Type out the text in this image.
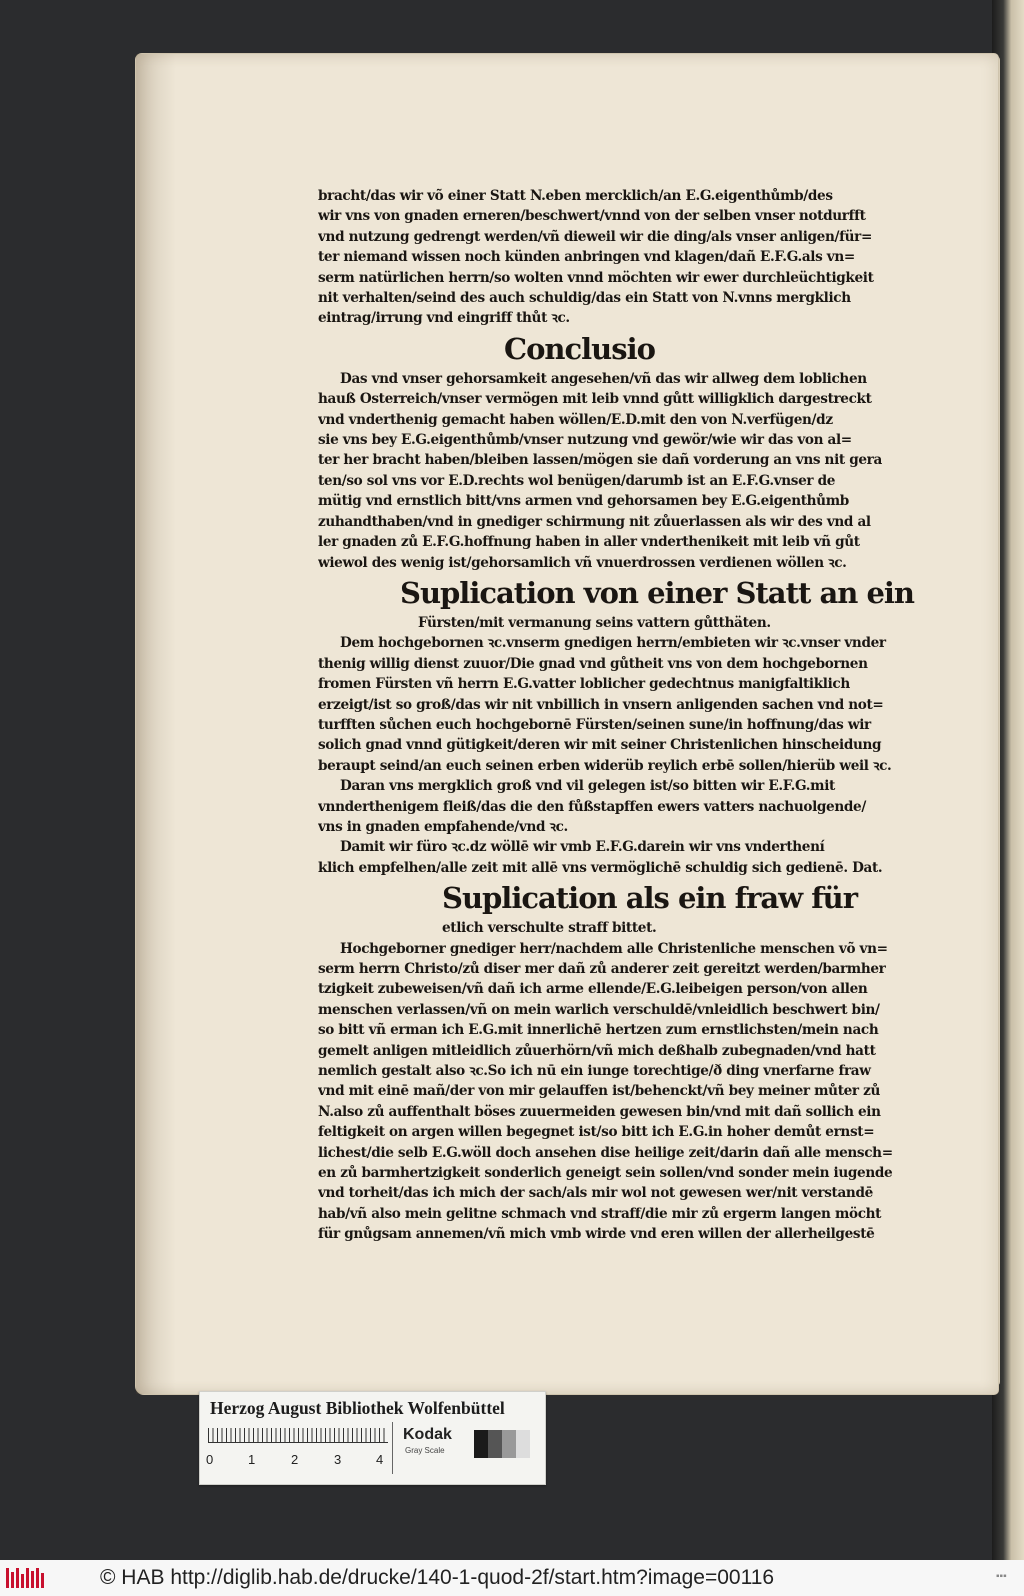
bracht/das wir võ einer Statt N.eben mercklich/an E.G.eigenthůmb/des
wir vns von gnaden erneren/beschwert/vnnd von der selben vnser notdurfft
vnd nutzung gedrengt werden/vñ dieweil wir die ding/als vnser anligen/für=
ter niemand wissen noch künden anbringen vnd klagen/dañ E.F.G.als vn=
serm natürlichen herrn/so wolten vnnd möchten wir ewer durchleüchtigkeit
nit verhalten/seind des auch schuldig/das ein Statt von N.vnns mergklich
eintrag/irrung vnd eingriff thůt ꝛc.
Conclusio
Das vnd vnser gehorsamkeit angesehen/vñ das wir allweg dem loblichen
hauß Osterreich/vnser vermögen mit leib vnnd gůtt willigklich dargestreckt
vnd vnderthenig gemacht haben wöllen/E.D.mit den von N.verfügen/dz
sie vns bey E.G.eigenthůmb/vnser nutzung vnd gewör/wie wir das von al=
ter her bracht haben/bleiben lassen/mögen sie dañ vorderung an vns nit gera
ten/so sol vns vor E.D.rechts wol benügen/darumb ist an E.F.G.vnser de
mütig vnd ernstlich bitt/vns armen vnd gehorsamen bey E.G.eigenthůmb
zuhandthaben/vnd in gnediger schirmung nit zůuerlassen als wir des vnd al
ler gnaden zů E.F.G.hoffnung haben in aller vnderthenikeit mit leib vñ gůt
wiewol des wenig ist/gehorsamlich vñ vnuerdrossen verdienen wöllen ꝛc.
Suplication von einer Statt an ein
Fürsten/mit vermanung seins vattern gůtthäten.
Dem hochgebornen ꝛc.vnserm gnedigen herrn/embieten wir ꝛc.vnser vnder
thenig willig dienst zuuor/Die gnad vnd gůtheit vns von dem hochgebornen
fromen Fürsten vñ herrn E.G.vatter loblicher gedechtnus manigfaltiklich
erzeigt/ist so groß/das wir nit vnbillich in vnsern anligenden sachen vnd not=
turfften sůchen euch hochgebornē Fürsten/seinen sune/in hoffnung/das wir
solich gnad vnnd gütigkeit/deren wir mit seiner Christenlichen hinscheidung
beraupt seind/an euch seinen erben widerüb reylich erbē sollen/hierüb weil ꝛc.
Daran vns mergklich groß vnd vil gelegen ist/so bitten wir E.F.G.mit
vnnderthenigem fleiß/das die den fůßstapffen ewers vatters nachuolgende/
vns in gnaden empfahende/vnd ꝛc.
Damit wir füro ꝛc.dz wöllē wir vmb E.F.G.darein wir vns vnderthení
klich empfelhen/alle zeit mit allē vns vermöglichē schuldig sich gedienē. Dat.
Suplication als ein fraw für
etlich verschulte straff bittet.
Hochgeborner gnediger herr/nachdem alle Christenliche menschen võ vn=
serm herrn Christo/zů diser mer dañ zů anderer zeit gereitzt werden/barmher
tzigkeit zubeweisen/vñ dañ ich arme ellende/E.G.leibeigen person/von allen
menschen verlassen/vñ on mein warlich verschuldē/vnleidlich beschwert bin/
so bitt vñ erman ich E.G.mit innerlichē hertzen zum ernstlichsten/mein nach
gemelt anligen mitleidlich zůuerhörn/vñ mich deßhalb zubegnaden/vnd hatt
nemlich gestalt also ꝛc.So ich nū ein iunge torechtige/ð ding vnerfarne fraw
vnd mit einē mañ/der von mir gelauffen ist/behenckt/vñ bey meiner můter zů
N.also zů auffenthalt böses zuuermeiden gewesen bin/vnd mit dañ sollich ein
feltigkeit on argen willen begegnet ist/so bitt ich E.G.in hoher demůt ernst=
lichest/die selb E.G.wöll doch ansehen dise heilige zeit/darin dañ alle mensch=
en zů barmhertzigkeit sonderlich geneigt sein sollen/vnd sonder mein iugende
vnd torheit/das ich mich der sach/als mir wol not gewesen wer/nit verstandē
hab/vñ also mein gelitne schmach vnd straff/die mir zů ergerm langen möcht
für gnůgsam annemen/vñ mich vmb wirde vnd eren willen der allerheilgestē
Herzog August Bibliothek Wolfenbüttel
0	1	2	3	4
Kodak
Gray Scale
© HAB http://diglib.hab.de/drucke/140-1-quod-2f/start.htm?image=00116	▪▪▪
